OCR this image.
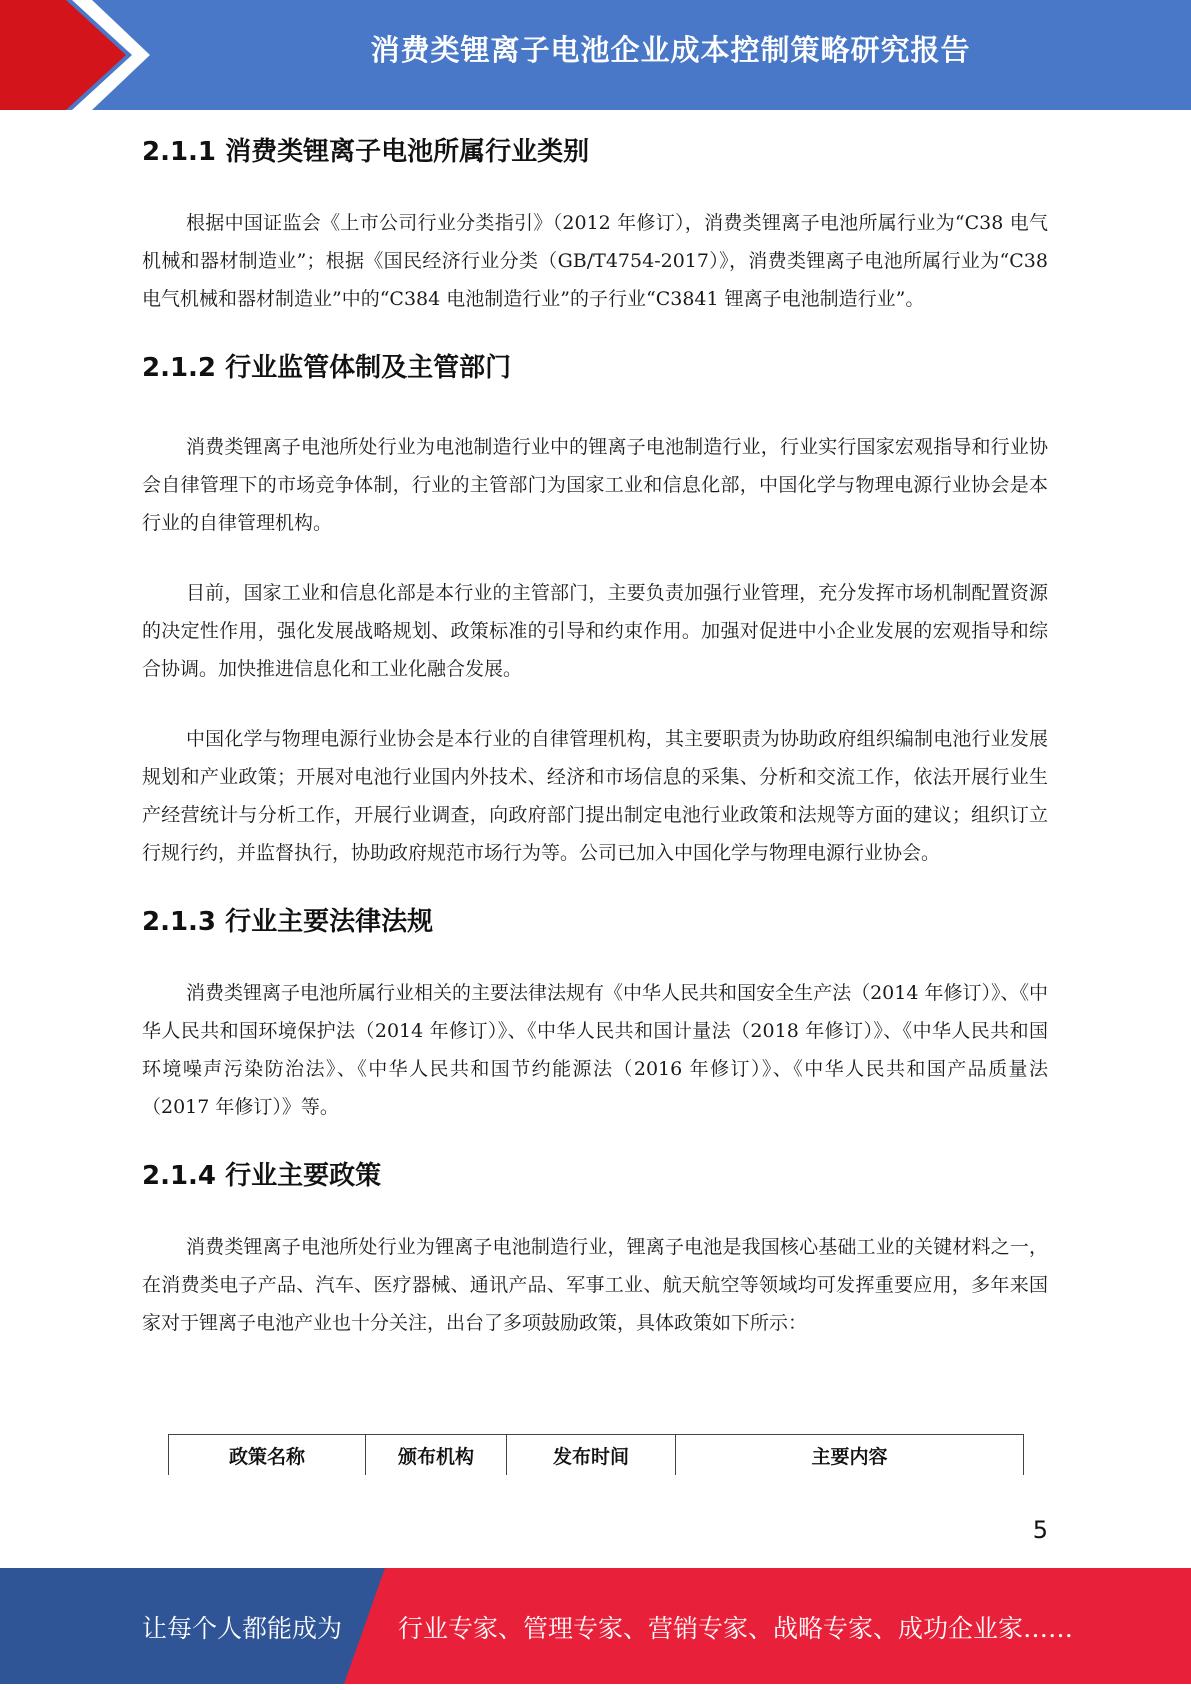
消费类锂离子电池企业成本控制策略研究报告
2.1.1 消费类锂离子电池所属行业类别

根据中国证监会《上市公司行业分类指引》（2012 年修订），消费类锂离子电池所属行业为“C38 电气机械和器材制造业”；根据《国民经济行业分类（GB/T4754-2017）》，消费类锂离子电池所属行业为“C38 电气机械和器材制造业”中的“C384 电池制造行业”的子行业“C3841 锂离子电池制造行业”。

2.1.2 行业监管体制及主管部门

消费类锂离子电池所处行业为电池制造行业中的锂离子电池制造行业，行业实行国家宏观指导和行业协会自律管理下的市场竞争体制，行业的主管部门为国家工业和信息化部，中国化学与物理电源行业协会是本行业的自律管理机构。

目前，国家工业和信息化部是本行业的主管部门，主要负责加强行业管理，充分发挥市场机制配置资源的决定性作用，强化发展战略规划、政策标准的引导和约束作用。加强对促进中小企业发展的宏观指导和综合协调。加快推进信息化和工业化融合发展。

中国化学与物理电源行业协会是本行业的自律管理机构，其主要职责为协助政府组织编制电池行业发展规划和产业政策；开展对电池行业国内外技术、经济和市场信息的采集、分析和交流工作，依法开展行业生产经营统计与分析工作，开展行业调查，向政府部门提出制定电池行业政策和法规等方面的建议；组织订立行规行约，并监督执行，协助政府规范市场行为等。公司已加入中国化学与物理电源行业协会。

2.1.3 行业主要法律法规

消费类锂离子电池所属行业相关的主要法律法规有《中华人民共和国安全生产法（2014 年修订）》、《中华人民共和国环境保护法（2014 年修订）》、《中华人民共和国计量法（2018 年修订）》、《中华人民共和国环境噪声污染防治法》、《中华人民共和国节约能源法（2016 年修订）》、《中华人民共和国产品质量法（2017 年修订）》等。

2.1.4 行业主要政策

消费类锂离子电池所处行业为锂离子电池制造行业，锂离子电池是我国核心基础工业的关键材料之一，在消费类电子产品、汽车、医疗器械、通讯产品、军事工业、航天航空等领域均可发挥重要应用，多年来国家对于锂离子电池产业也十分关注，出台了多项鼓励政策，具体政策如下所示：

政策名称	颁布机构	发布时间	主要内容
5
让每个人都能成为 行业专家、管理专家、营销专家、战略专家、成功企业家……
